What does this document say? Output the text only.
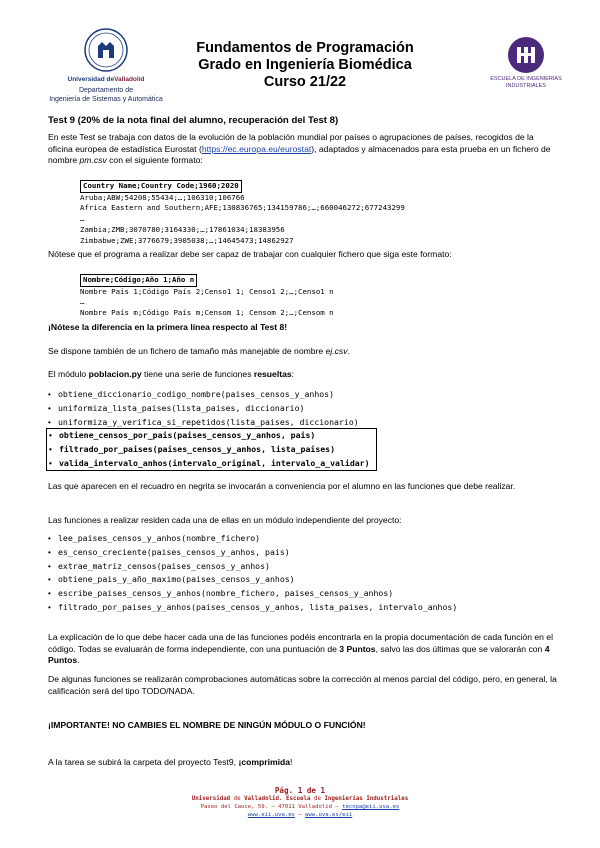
Universidad deValladolid
Departamento de
Ingeniería de Sistemas y Automática
Fundamentos de Programación
Grado en Ingeniería Biomédica
Curso 21/22	ESCUELA DE INGENIERÍAS
INDUSTRIALES
Test 9 (20% de la nota final del alumno, recuperación del Test 8)
En este Test se trabaja con datos de la evolución de la población mundial por países o agrupaciones de países, recogidos de la oficina europea de estadística Eurostat (https://ec.europa.eu/eurostat), adaptados y almacenados para esta prueba en un fichero de nombre pm.csv con el siguiente formato:

Country Name;Country Code;1960;2020

Aruba;ABW;54208;55434;…;106310;106766
Africa Eastern and Southern;AFE;130836765;134159786;…;660046272;677243299
…
Zambia;ZMB;3070780;3164330;…;17861034;18383956
Zimbabwe;ZWE;3776679;3905038;…;14645473;14862927
Nótese que el programa a realizar debe ser capaz de trabajar con cualquier fichero que siga este formato:

Nombre;Código;Año 1;Año n

Nombre País 1;Código País 2;Censo1 1; Censo1 2;…;Censo1 n
…
Nombre País m;Código País m;Censom 1; Censom 2;…;Censom n
¡Nótese la diferencia en la primera línea respecto al Test 8!
Se dispone también de un fichero de tamaño más manejable de nombre ej.csv.
El módulo poblacion.py tiene una serie de funciones resueltas:
• obtiene_diccionario_codigo_nombre(paises_censos_y_anhos)
• uniformiza_lista_paises(lista_paises, diccionario)
• uniformiza_y_verifica_si_repetidos(lista_paises, diccionario)
• obtiene_censos_por_pais(paises_censos_y_anhos, pais)
• filtrado_por_paises(paises_censos_y_anhos, lista_paises)
• valida_intervalo_anhos(intervalo_original, intervalo_a_validar)
Las que aparecen en el recuadro en negrita se invocarán a conveniencia por el alumno en las funciones que debe realizar.
Las funciones a realizar residen cada una de ellas en un módulo independiente del proyecto:
• lee_paises_censos_y_anhos(nombre_fichero)
• es_censo_creciente(paises_censos_y_anhos, pais)
• extrae_matriz_censos(paises_censos_y_anhos)
• obtiene_pais_y_año_maximo(paises_censos_y_anhos)
• escribe_paises_censos_y_anhos(nombre_fichero, paises_censos_y_anhos)
• filtrado_por_paises_y_anhos(paises_censos_y_anhos, lista_paises, intervalo_anhos)
La explicación de lo que debe hacer cada una de las funciones podéis encontrarla en la propia documentación de cada función en el código. Todas se evaluarán de forma independiente, con una puntuación de 3 Puntos, salvo las dos últimas que se valorarán con 4 Puntos.
De algunas funciones se realizarán comprobaciones automáticas sobre la corrección al menos parcial del código, pero, en general, la calificación será del tipo TODO/NADA.
¡IMPORTANTE! NO CAMBIES EL NOMBRE DE NINGÚN MÓDULO O FUNCIÓN!
A la tarea se subirá la carpeta del proyecto Test9, ¡comprimida!
Pág. 1 de 1
Universidad de Valladolid. Escuela de Ingenierías Industriales
Paseo del Cauce, 59. – 47011 Valladolid – tecnpa@eii.uva.es
www.eii.uva.es – www.uva.es/eii
